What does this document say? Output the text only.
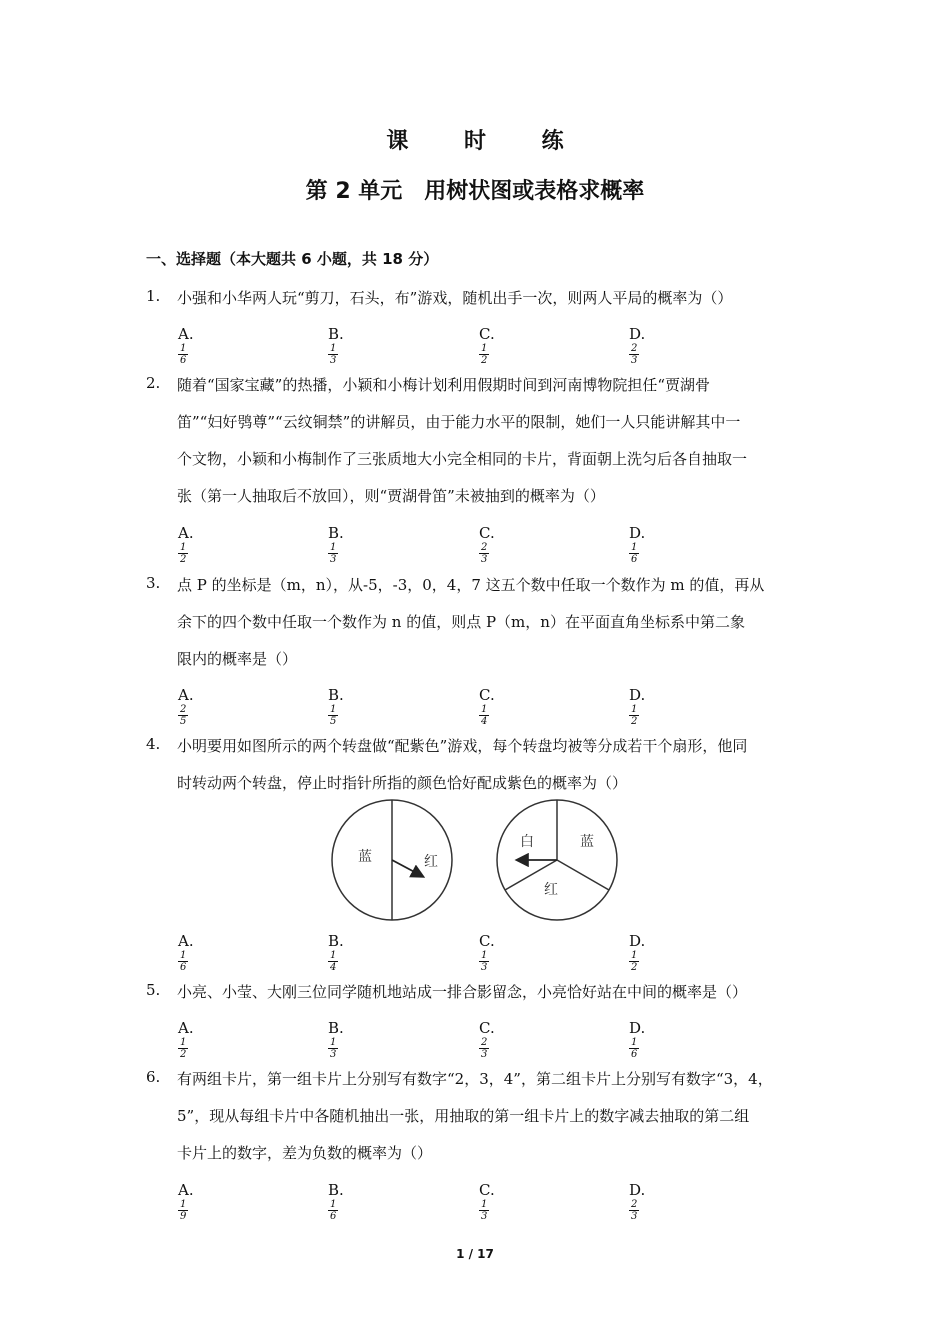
课 时 练
第 2 单元　用树状图或表格求概率
一、选择题（本大题共 6 小题，共 18 分）
1. 小强和小华两人玩“剪刀，石头，布”游戏，随机出手一次，则两人平局的概率为（）
A.
$\frac{1}{6}$
B.
$\frac{1}{3}$
C.
$\frac{1}{2}$
D.
$\frac{2}{3}$
2. 随着“国家宝藏”的热播，小颖和小梅计划利用假期时间到河南博物院担任“贾湖骨
笛”“妇好鸮尊”“云纹铜禁”的讲解员，由于能力水平的限制，她们一人只能讲解其中一
个文物，小颖和小梅制作了三张质地大小完全相同的卡片，背面朝上洗匀后各自抽取一
张（第一人抽取后不放回），则“贾湖骨笛”未被抽到的概率为（）
A.
$\frac{1}{2}$
B.
$\frac{1}{3}$
C.
$\frac{2}{3}$
D.
$\frac{1}{6}$
3. 点 P 的坐标是（m，n），从-5，-3，0，4，7 这五个数中任取一个数作为 m 的值，再从
余下的四个数中任取一个数作为 n 的值，则点 P（m，n）在平面直角坐标系中第二象
限内的概率是（）
A.
$\frac{2}{5}$
B.
$\frac{1}{5}$
C.
$\frac{1}{4}$
D.
$\frac{1}{2}$
4. 小明要用如图所示的两个转盘做“配紫色”游戏，每个转盘均被等分成若干个扇形，他同
时转动两个转盘，停止时指针所指的颜色恰好配成紫色的概率为（）
蓝	红
白	蓝
红
A.
$\frac{1}{6}$
B.
$\frac{1}{4}$
C.
$\frac{1}{3}$
D.
$\frac{1}{2}$
5. 小亮、小莹、大刚三位同学随机地站成一排合影留念，小亮恰好站在中间的概率是（）
A.
$\frac{1}{2}$
B.
$\frac{1}{3}$
C.
$\frac{2}{3}$
D.
$\frac{1}{6}$
6. 有两组卡片，第一组卡片上分别写有数字“2，3，4”，第二组卡片上分别写有数字“3，4，
5”，现从每组卡片中各随机抽出一张，用抽取的第一组卡片上的数字减去抽取的第二组
卡片上的数字，差为负数的概率为（）
A.
$\frac{1}{9}$
B.
$\frac{1}{6}$
C.
$\frac{1}{3}$
D.
$\frac{2}{3}$
1 / 17
